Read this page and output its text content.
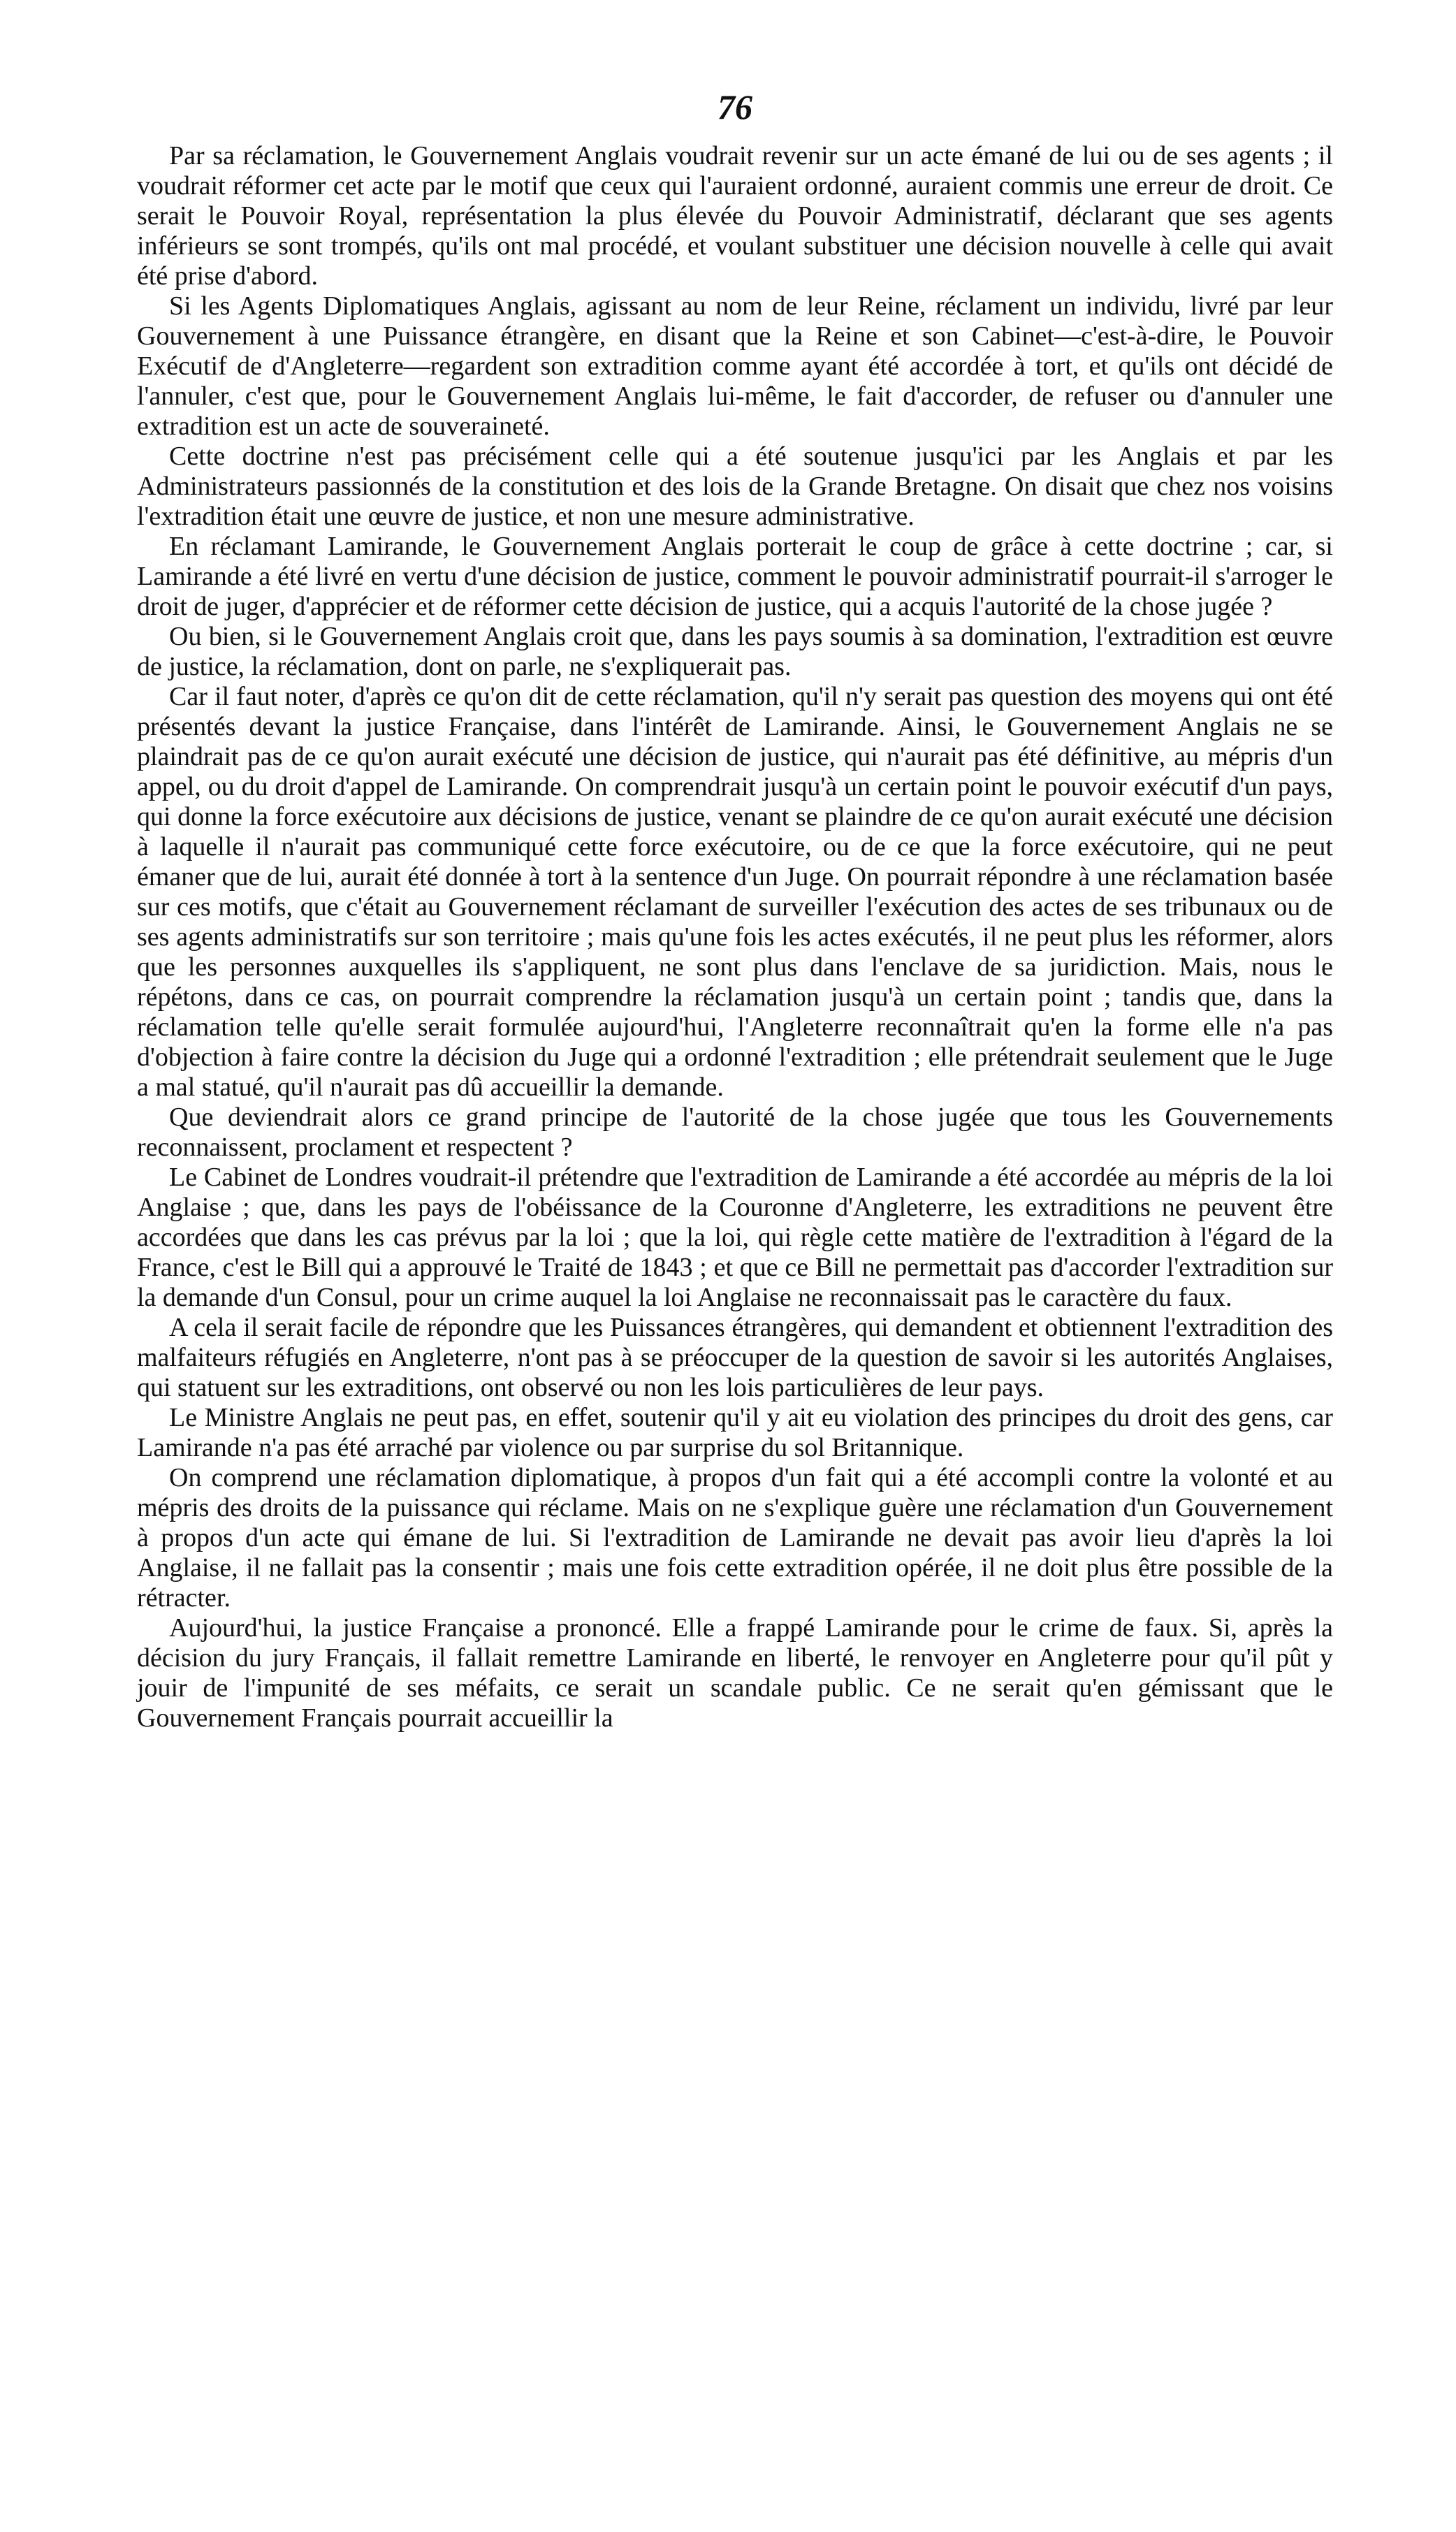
76

Par sa réclamation, le Gouvernement Anglais voudrait revenir sur un acte émané de lui ou de ses agents ; il voudrait réformer cet acte par le motif que ceux qui l'auraient ordonné, auraient commis une erreur de droit. Ce serait le Pouvoir Royal, représentation la plus élevée du Pouvoir Administratif, déclarant que ses agents inférieurs se sont trompés, qu'ils ont mal procédé, et voulant substituer une décision nouvelle à celle qui avait été prise d'abord.

Si les Agents Diplomatiques Anglais, agissant au nom de leur Reine, réclament un individu, livré par leur Gouvernement à une Puissance étrangère, en disant que la Reine et son Cabinet—c'est-à-dire, le Pouvoir Exécutif de d'Angleterre—regardent son extradition comme ayant été accordée à tort, et qu'ils ont décidé de l'annuler, c'est que, pour le Gouvernement Anglais lui-même, le fait d'accorder, de refuser ou d'annuler une extradition est un acte de souveraineté.

Cette doctrine n'est pas précisément celle qui a été soutenue jusqu'ici par les Anglais et par les Administrateurs passionnés de la constitution et des lois de la Grande Bretagne. On disait que chez nos voisins l'extradition était une œuvre de justice, et non une mesure administrative.

En réclamant Lamirande, le Gouvernement Anglais porterait le coup de grâce à cette doctrine ; car, si Lamirande a été livré en vertu d'une décision de justice, comment le pouvoir administratif pourrait-il s'arroger le droit de juger, d'apprécier et de réformer cette décision de justice, qui a acquis l'autorité de la chose jugée ?

Ou bien, si le Gouvernement Anglais croit que, dans les pays soumis à sa domination, l'extradition est œuvre de justice, la réclamation, dont on parle, ne s'expliquerait pas.

Car il faut noter, d'après ce qu'on dit de cette réclamation, qu'il n'y serait pas question des moyens qui ont été présentés devant la justice Française, dans l'intérêt de Lamirande. Ainsi, le Gouvernement Anglais ne se plaindrait pas de ce qu'on aurait exécuté une décision de justice, qui n'aurait pas été définitive, au mépris d'un appel, ou du droit d'appel de Lamirande. On comprendrait jusqu'à un certain point le pouvoir exécutif d'un pays, qui donne la force exécutoire aux décisions de justice, venant se plaindre de ce qu'on aurait exécuté une décision à laquelle il n'aurait pas communiqué cette force exécutoire, ou de ce que la force exécutoire, qui ne peut émaner que de lui, aurait été donnée à tort à la sentence d'un Juge. On pourrait répondre à une réclamation basée sur ces motifs, que c'était au Gouvernement réclamant de surveiller l'exécution des actes de ses tribunaux ou de ses agents administratifs sur son territoire ; mais qu'une fois les actes exécutés, il ne peut plus les réformer, alors que les personnes auxquelles ils s'appliquent, ne sont plus dans l'enclave de sa juridiction. Mais, nous le répétons, dans ce cas, on pourrait comprendre la réclamation jusqu'à un certain point ; tandis que, dans la réclamation telle qu'elle serait formulée aujourd'hui, l'Angleterre reconnaîtrait qu'en la forme elle n'a pas d'objection à faire contre la décision du Juge qui a ordonné l'extradition ; elle prétendrait seulement que le Juge a mal statué, qu'il n'aurait pas dû accueillir la demande.

Que deviendrait alors ce grand principe de l'autorité de la chose jugée que tous les Gouvernements reconnaissent, proclament et respectent ?

Le Cabinet de Londres voudrait-il prétendre que l'extradition de Lamirande a été accordée au mépris de la loi Anglaise ; que, dans les pays de l'obéissance de la Couronne d'Angleterre, les extraditions ne peuvent être accordées que dans les cas prévus par la loi ; que la loi, qui règle cette matière de l'extradition à l'égard de la France, c'est le Bill qui a approuvé le Traité de 1843 ; et que ce Bill ne permettait pas d'accorder l'extradition sur la demande d'un Consul, pour un crime auquel la loi Anglaise ne reconnaissait pas le caractère du faux.

A cela il serait facile de répondre que les Puissances étrangères, qui demandent et obtiennent l'extradition des malfaiteurs réfugiés en Angleterre, n'ont pas à se préoccuper de la question de savoir si les autorités Anglaises, qui statuent sur les extraditions, ont observé ou non les lois particulières de leur pays.

Le Ministre Anglais ne peut pas, en effet, soutenir qu'il y ait eu violation des principes du droit des gens, car Lamirande n'a pas été arraché par violence ou par surprise du sol Britannique.

On comprend une réclamation diplomatique, à propos d'un fait qui a été accompli contre la volonté et au mépris des droits de la puissance qui réclame. Mais on ne s'explique guère une réclamation d'un Gouvernement à propos d'un acte qui émane de lui. Si l'extradition de Lamirande ne devait pas avoir lieu d'après la loi Anglaise, il ne fallait pas la consentir ; mais une fois cette extradition opérée, il ne doit plus être possible de la rétracter.

Aujourd'hui, la justice Française a prononcé. Elle a frappé Lamirande pour le crime de faux. Si, après la décision du jury Français, il fallait remettre Lamirande en liberté, le renvoyer en Angleterre pour qu'il pût y jouir de l'impunité de ses méfaits, ce serait un scandale public. Ce ne serait qu'en gémissant que le Gouvernement Français pourrait accueillir la
